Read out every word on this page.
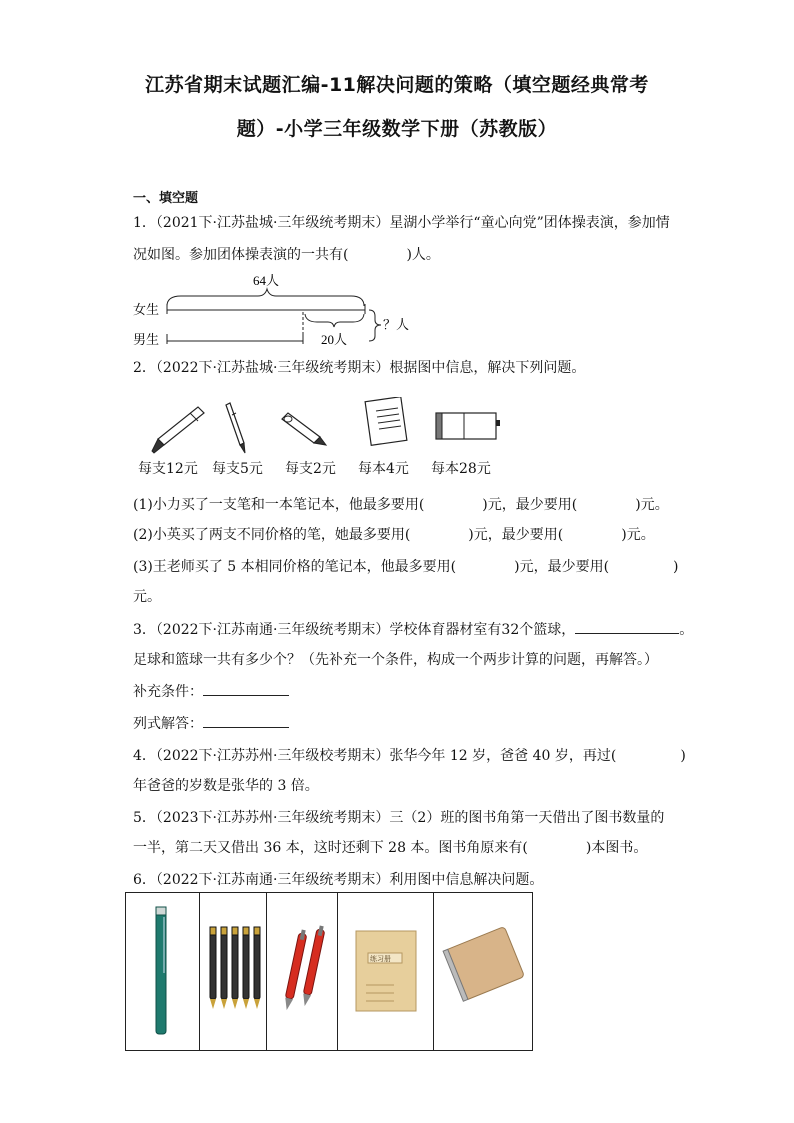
江苏省期末试题汇编-11解决问题的策略（填空题经典常考
题）-小学三年级数学下册（苏教版）
一、填空题
1．（2021下·江苏盐城·三年级统考期末）星湖小学举行“童心向党”团体操表演，参加情
况如图。参加团体操表演的一共有(	)人。
女生
男生
64人
20人
？人
2．（2022下·江苏盐城·三年级统考期末）根据图中信息，解决下列问题。
每支12元 每支5元 每支2元 每本4元 每本28元
(1)小力买了一支笔和一本笔记本，他最多要用(	)元，最少要用(	)元。
(2)小英买了两支不同价格的笔，她最多要用(	)元，最少要用(	)元。
(3)王老师买了 5 本相同价格的笔记本，他最多要用(	)元，最少要用(	)
元。
3．（2022下·江苏南通·三年级统考期末）学校体育器材室有32个篮球，	。
足球和篮球一共有多少个？（先补充一个条件，构成一个两步计算的问题，再解答。）
补充条件：
列式解答：
4．（2022下·江苏苏州·三年级校考期末）张华今年 12 岁，爸爸 40 岁，再过(	)
年爸爸的岁数是张华的 3 倍。
5．（2023下·江苏苏州·三年级统考期末）三（2）班的图书角第一天借出了图书数量的
一半，第二天又借出 36 本，这时还剩下 28 本。图书角原来有(	)本图书。
6．（2022下·江苏南通·三年级统考期末）利用图中信息解决问题。
练习册
